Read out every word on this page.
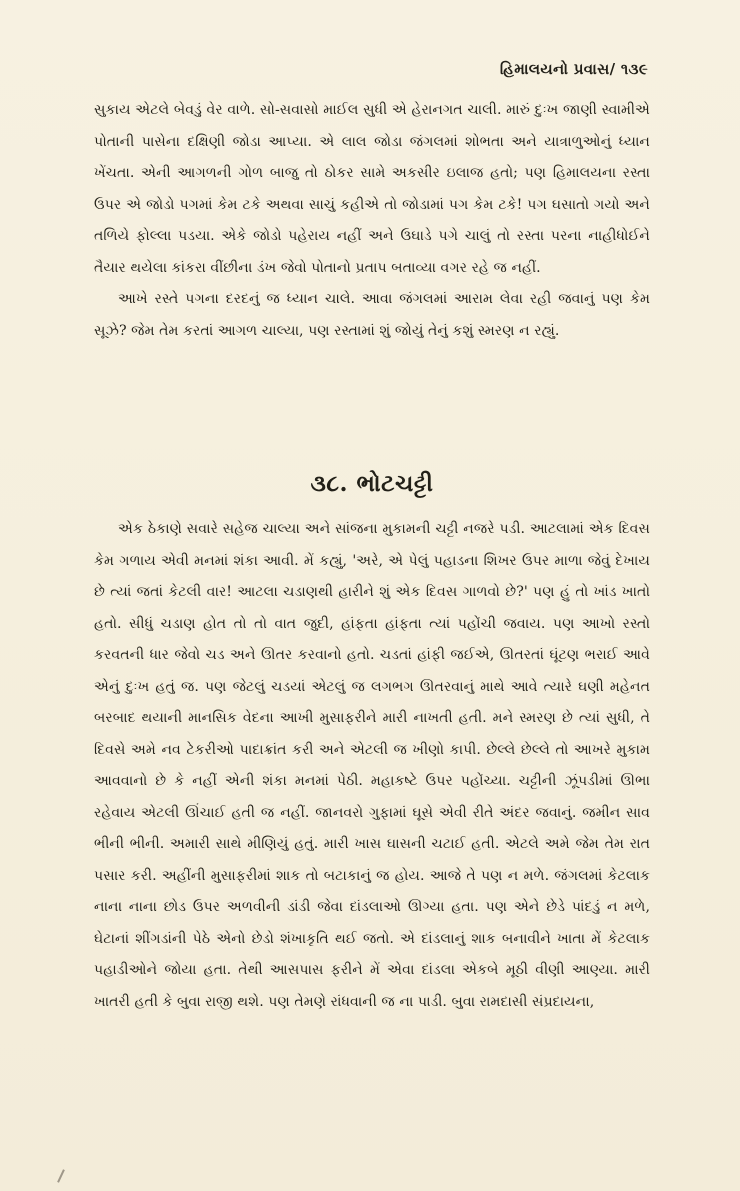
હિમાલયનો પ્રવાસ/ ૧૩૯

સુકાય એટલે બેવડું વેર વાળે. સો-સવાસો માઈલ સુધી એ હેરાનગત ચાલી. મારું દુઃખ જાણી સ્વામીએ પોતાની પાસેના દક્ષિણી જોડા આપ્યા. એ લાલ જોડા જંગલમાં શોભતા અને યાત્રાળુઓનું ધ્યાન ખેંચતા. એની આગળની ગોળ બાજુ તો ઠોકર સામે અકસીર ઇલાજ હતો; પણ હિમાલયના રસ્તા ઉપર એ જોડો પગમાં કેમ ટકે અથવા સાચું કહીએ તો જોડામાં પગ કેમ ટકે! પગ ઘસાતો ગયો અને તળિયે ફોલ્લા પડયા. એકે જોડો પહેરાય નહીં અને ઉઘાડે પગે ચાલું તો રસ્તા પરના નાહીધોઈને તૈયાર થયેલા કાંકરા વીંછીના ડંખ જેવો પોતાનો પ્રતાપ બતાવ્યા વગર રહે જ નહીં.

આખે રસ્તે પગના દરદનું જ ધ્યાન ચાલે. આવા જંગલમાં આરામ લેવા રહી જવાનું પણ કેમ સૂઝે? જેમ તેમ કરતાં આગળ ચાલ્યા, પણ રસ્તામાં શું જોયું તેનું કશું સ્મરણ ન રહ્યું.

૩૮. ભોટચટ્ટી

એક ઠેકાણે સવારે સહેજ ચાલ્યા અને સાંજના મુકામની ચટ્ટી નજરે પડી. આટલામાં એક દિવસ કેમ ગળાય એવી મનમાં શંકા આવી. મેં કહ્યું, 'અરે, એ પેલું પહાડના શિખર ઉપર માળા જેવું દેખાય છે ત્યાં જતાં કેટલી વાર! આટલા ચડાણથી હારીને શું એક દિવસ ગાળવો છે?' પણ હું તો ખાંડ ખાતો હતો. સીધું ચડાણ હોત તો તો વાત જુદી, હાંફતા હાંફતા ત્યાં પહોંચી જવાય. પણ આખો રસ્તો કરવતની ધાર જેવો ચડ અને ઊતર કરવાનો હતો. ચડતાં હાંફી જઈએ, ઊતરતાં ઘૂંટણ ભરાઈ આવે એનું દુઃખ હતું જ. પણ જેટલું ચડયાં એટલું જ લગભગ ઊતરવાનું માથે આવે ત્યારે ઘણી મહેનત બરબાદ થયાની માનસિક વેદના આખી મુસાફરીને મારી નાખતી હતી. મને સ્મરણ છે ત્યાં સુધી, તે દિવસે અમે નવ ટેકરીઓ પાદાક્રાંત કરી અને એટલી જ ખીણો કાપી. છેલ્લે છેલ્લે તો આખરે મુકામ આવવાનો છે કે નહીં એની શંકા મનમાં પેઠી. મહાકષ્ટે ઉપર પહોંચ્યા. ચટ્ટીની ઝૂંપડીમાં ઊભા રહેવાય એટલી ઊંચાઈ હતી જ નહીં. જાનવરો ગુફામાં ઘૂસે એવી રીતે અંદર જવાનું. જમીન સાવ ભીની ભીની. અમારી સાથે મીણિયું હતું. મારી ખાસ ઘાસની ચટાઈ હતી. એટલે અમે જેમ તેમ રાત પસાર કરી. અહીંની મુસાફરીમાં શાક તો બટાકાનું જ હોય. આજે તે પણ ન મળે. જંગલમાં કેટલાક નાના નાના છોડ ઉપર અળવીની ડાંડી જેવા દાંડલાઓ ઊગ્યા હતા. પણ એને છેડે પાંદડું ન મળે, ઘેટાનાં શીંગડાંની પેઠે એનો છેડો શંખાકૃતિ થઈ જતો. એ દાંડલાનું શાક બનાવીને ખાતા મેં કેટલાક પહાડીઓને જોયા હતા. તેથી આસપાસ ફરીને મેં એવા દાંડલા એકબે મૂઠી વીણી આણ્યા. મારી ખાતરી હતી કે બુવા રાજી થશે. પણ તેમણે રાંધવાની જ ના પાડી. બુવા રામદાસી સંપ્રદાયના,
